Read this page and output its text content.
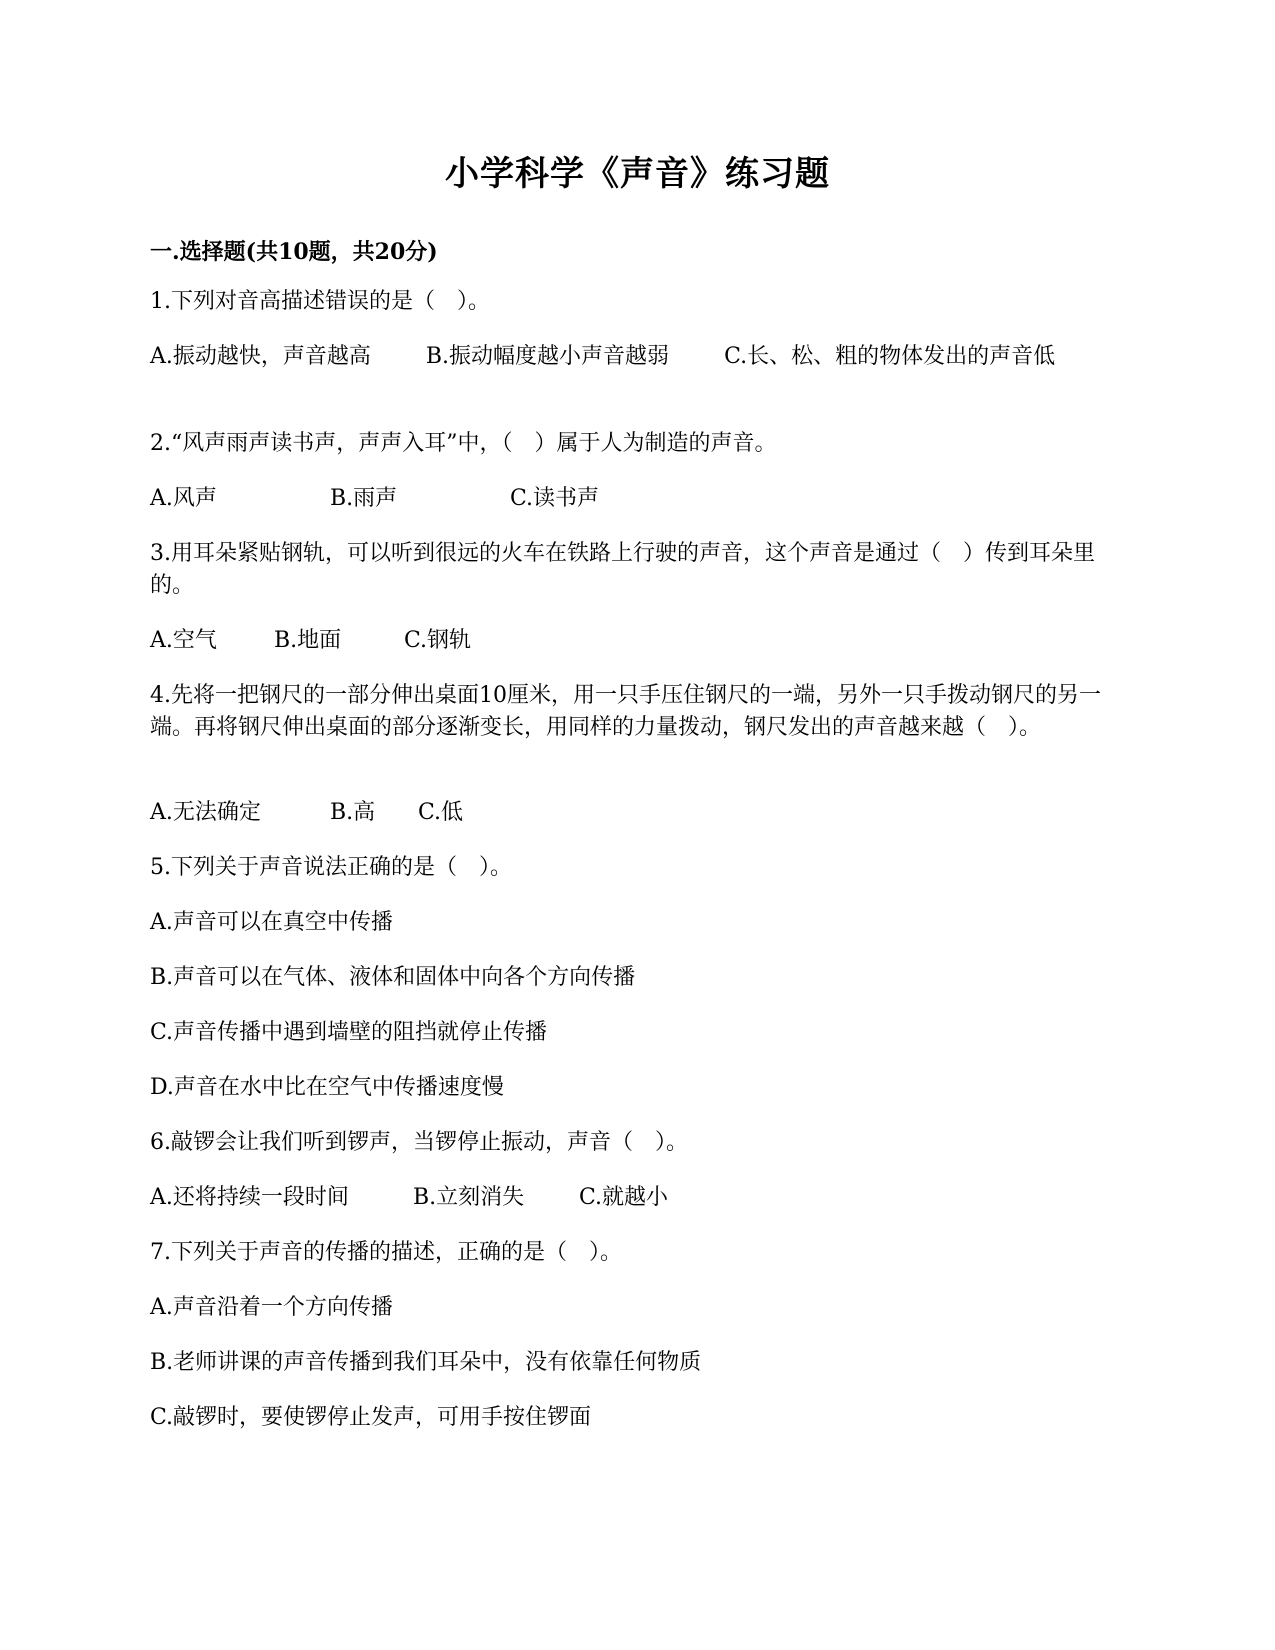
小学科学《声音》练习题
一.选择题(共10题，共20分)
1.下列对音高描述错误的是（　）。
A.振动越快，声音越高	B.振动幅度越小声音越弱	C.长、松、粗的物体发出的声音低
2.“风声雨声读书声，声声入耳”中，（　）属于人为制造的声音。
A.风声	B.雨声	C.读书声
3.用耳朵紧贴钢轨，可以听到很远的火车在铁路上行驶的声音，这个声音是通过（　）传到耳朵里的。
A.空气	B.地面	C.钢轨
4.先将一把钢尺的一部分伸出桌面10厘米，用一只手压住钢尺的一端，另外一只手拨动钢尺的另一端。再将钢尺伸出桌面的部分逐渐变长，用同样的力量拨动，钢尺发出的声音越来越（　）。
A.无法确定	B.高 C.低
5.下列关于声音说法正确的是（　）。
A.声音可以在真空中传播
B.声音可以在气体、液体和固体中向各个方向传播
C.声音传播中遇到墙壁的阻挡就停止传播
D.声音在水中比在空气中传播速度慢
6.敲锣会让我们听到锣声，当锣停止振动，声音（　）。
A.还将持续一段时间	B.立刻消失 C.就越小
7.下列关于声音的传播的描述，正确的是（　）。
A.声音沿着一个方向传播
B.老师讲课的声音传播到我们耳朵中，没有依靠任何物质
C.敲锣时，要使锣停止发声，可用手按住锣面
